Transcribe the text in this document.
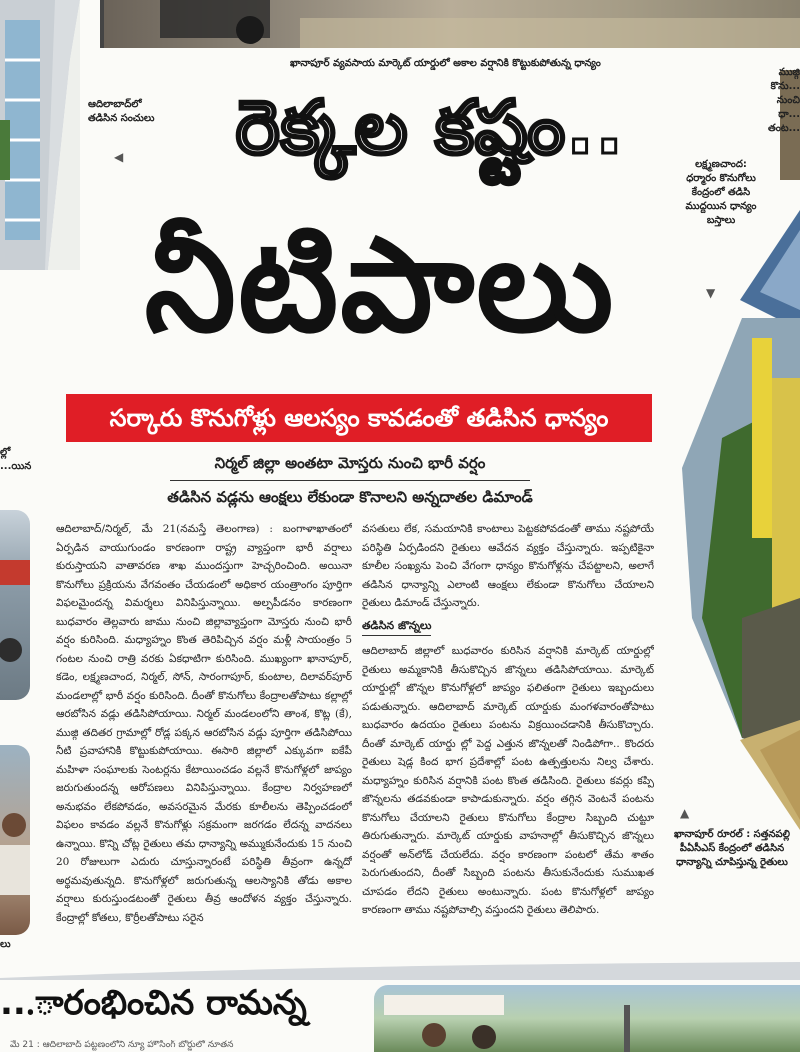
ఖానాపూర్ వ్యవసాయ మార్కెట్ యార్డులో అకాల వర్షానికి కొట్టుకుపోతున్న ధాన్యం
ఆదిలాబాద్‌లో తడిసిన సంచులు
◀
ముజ్గి కొను... నుంచి ధా... తంట...
లక్ష్మణచాంద: ధర్మారం కొనుగోలు కేంద్రంలో తడిసి ముద్దయిన ధాన్యం బస్తాలు
▼
ల్లో ...యిన
ఖానాపూర్ రూరల్ : సత్తనపల్లి పీఏసీఎస్ కేంద్రంలో తడిసిన ధాన్యాన్ని చూపిస్తున్న రైతులు
▲
లు
రెక్కల కష్టం..
నీటిపాలు
సర్కారు కొనుగోళ్లు ఆలస్యం కావడంతో తడిసిన ధాన్యం
నిర్మల్ జిల్లా అంతటా మోస్తరు నుంచి భారీ వర్షం
తడిసిన వడ్లను ఆంక్షలు లేకుండా కొనాలని అన్నదాతల డిమాండ్

ఆదిలాబాద్/నిర్మల్, మే 21(నమస్తే తెలంగాణ) : బంగాళాఖాతంలో ఏర్పడిన వాయుగుండం కారణంగా రాష్ట్ర వ్యాప్తంగా భారీ వర్షాలు కురుస్తాయని వాతావరణ శాఖ ముందస్తుగా హెచ్చరించింది. అయినా కొనుగోలు ప్రక్రియను వేగవంతం చేయడంలో అధికార యంత్రాంగం పూర్తిగా విఫలమైందన్న విమర్శలు వినిపిస్తున్నాయి. అల్పపీడనం కారణంగా బుధవారం తెల్లవారు జాము నుంచి జిల్లావ్యాప్తంగా మోస్తరు నుంచి భారీ వర్షం కురిసింది. మధ్యాహ్నం కొంత తెరిపిచ్చిన వర్షం మళ్లీ సాయంత్రం 5 గంటల నుంచి రాత్రి వరకు ఏకధాటిగా కురిసింది. ముఖ్యంగా ఖానాపూర్, కడెం, లక్ష్మణచాంద, నిర్మల్, సోన్, సారంగాపూర్, కుంటాల, దిలావర్‌పూర్ మండలాల్లో భారీ వర్షం కురిసింది. దీంతో కొనుగోలు కేంద్రాలతోపాటు కల్లాల్లో ఆరబోసిన వడ్లు తడిసిపోయాయి. నిర్మల్ మండలంలోని తాంశ, కొట్ల (కే), ముజ్గి తదితర గ్రామాల్లో రోడ్ల పక్కన ఆరబోసిన వడ్లు పూర్తిగా తడిసిపోయి నీటి ప్రవాహానికి కొట్టుకుపోయాయి. ఈసారి జిల్లాలో ఎక్కువగా ఐకేపీ మహిళా సంఘాలకు సెంటర్లను కేటాయించడం వల్లనే కొనుగోళ్లలో జాప్యం జరుగుతుందన్న ఆరోపణలు వినిపిస్తున్నాయి. కేంద్రాల నిర్వహణలో అనుభవం లేకపోవడం, అవసరమైన మేరకు కూలీలను తెప్పించడంలో విఫలం కావడం వల్లనే కొనుగోళ్లు సక్రమంగా జరగడం లేదన్న వాదనలు ఉన్నాయి. కొన్ని చోట్ల రైతులు తమ ధాన్యాన్ని అమ్ముకునేందుకు 15 నుంచి 20 రోజులుగా ఎదురు చూస్తున్నారంటే పరిస్థితి తీవ్రంగా ఉన్నదో అర్థమవుతున్నది. కొనుగోళ్లలో జరుగుతున్న ఆలస్యానికి తోడు అకాల వర్షాలు కురుస్తుండటంతో రైతులు తీవ్ర ఆందోళన వ్యక్తం చేస్తున్నారు. కేంద్రాల్లో కోతలు, కొర్రీలతోపాటు సరైన

వసతులు లేక, సమయానికి కాంటాలు పెట్టకపోవడంతో తాము నష్టపోయే పరిస్థితి ఏర్పడిందని రైతులు ఆవేదన వ్యక్తం చేస్తున్నారు. ఇప్పటికైనా కూలీల సంఖ్యను పెంచి వేగంగా ధాన్యం కొనుగోళ్లను చేపట్టాలని, అలాగే తడిసిన ధాన్యాన్ని ఎలాంటి ఆంక్షలు లేకుండా కొనుగోలు చేయాలని రైతులు డిమాండ్ చేస్తున్నారు.

తడిసిన జొన్నలు

ఆదిలాబాద్ జిల్లాలో బుధవారం కురిసిన వర్షానికి మార్కెట్ యార్డుల్లో రైతులు అమ్మకానికి తీసుకొచ్చిన జొన్నలు తడిసిపోయాయి. మార్కెట్ యార్డుల్లో జొన్నల కొనుగోళ్లలో జాప్యం ఫలితంగా రైతులు ఇబ్బందులు పడుతున్నారు. ఆదిలాబాద్ మార్కెట్ యార్డుకు మంగళవారంతోపాటు బుధవారం ఉదయం రైతులు పంటను విక్రయించడానికి తీసుకొచ్చారు. దీంతో మార్కెట్ యార్డు ల్లో పెద్ద ఎత్తున జొన్నలతో నిండిపోగా.. కొందరు రైతులు షెడ్ల కింద భాగ ప్రదేశాల్లో పంట ఉత్పత్తులను నిల్వ చేశారు. మధ్యాహ్నం కురిసిన వర్షానికి పంట కొంత తడిసింది. రైతులు కవర్లు కప్పి జొన్నలను తడవకుండా కాపాడుకున్నారు. వర్షం తగ్గిన వెంటనే పంటను కొనుగోలు చేయాలని రైతులు కొనుగోలు కేంద్రాల సిబ్బంది చుట్టూ తిరుగుతున్నారు. మార్కెట్ యార్డుకు వాహనాల్లో తీసుకొచ్చిన జొన్నలు వర్షంతో అన్‌లోడ్ చేయలేదు. వర్షం కారణంగా పంటలో తేమ శాతం పెరుగుతుందని, దీంతో సిబ్బంది పంటను తీసుకునేందుకు సుముఖత చూపడం లేదని రైతులు అంటున్నారు. పంట కొనుగోళ్లలో జాప్యం కారణంగా తాము నష్టపోవాల్సి వస్తుందని రైతులు తెలిపారు.

...ారంభించిన రామన్న
మే 21 : ఆదిలాబాద్ పట్టణంలోని న్యూ హౌసింగ్ బోర్డులో నూతన
